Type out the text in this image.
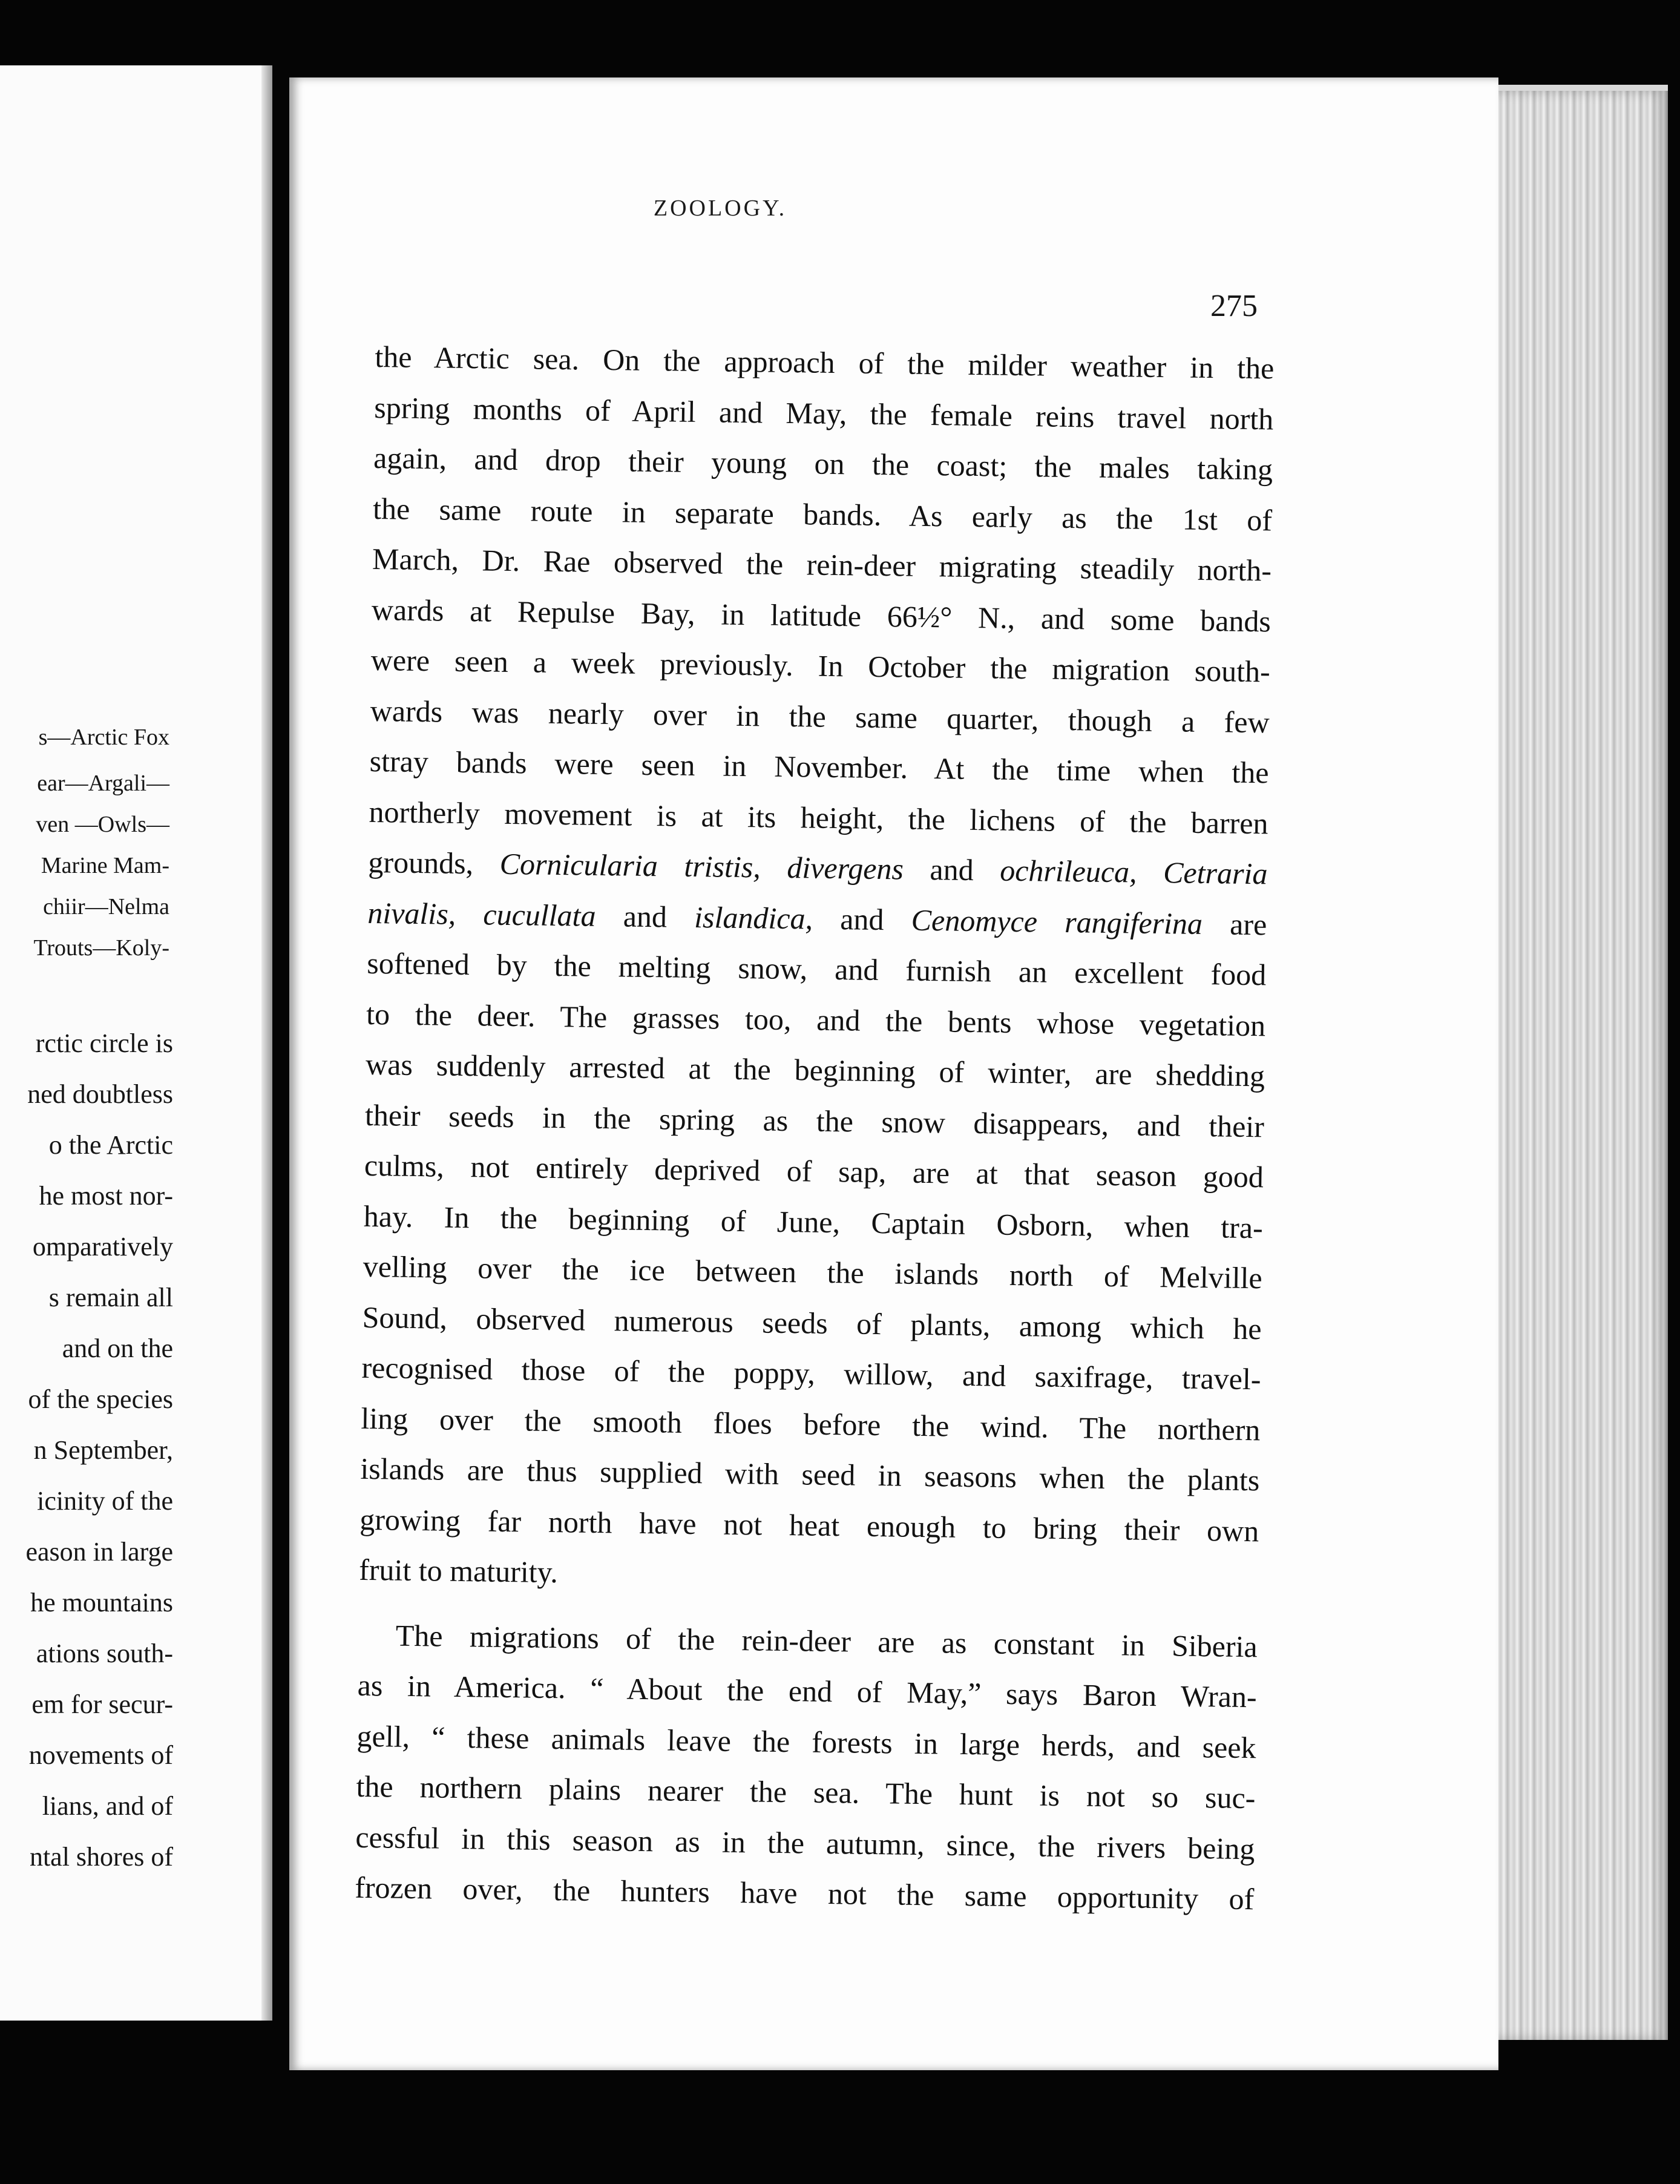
s—Arctic Fox
ear—Argali—
ven —Owls—
Marine Mam-
chiir—Nelma
Trouts—Koly-
rctic circle is
ned doubtless
o the Arctic
he most nor-
omparatively
s remain all
and on the
of the species
n September,
icinity of the
eason in large
he mountains
ations south-
em for secur-
novements of
lians, and of
ntal shores of
ZOOLOGY.
275
the Arctic sea. On the approach of the milder weather in the
spring months of April and May, the female reins travel north
again, and drop their young on the coast; the males taking
the same route in separate bands. As early as the 1st of
March, Dr. Rae observed the rein-deer migrating steadily north-
wards at Repulse Bay, in latitude 66½° N., and some bands
were seen a week previously. In October the migration south-
wards was nearly over in the same quarter, though a few
stray bands were seen in November. At the time when the
northerly movement is at its height, the lichens of the barren
grounds, Cornicularia tristis, divergens and ochrileuca, Cetraria
nivalis, cucullata and islandica, and Cenomyce rangiferina are
softened by the melting snow, and furnish an excellent food
to the deer. The grasses too, and the bents whose vegetation
was suddenly arrested at the beginning of winter, are shedding
their seeds in the spring as the snow disappears, and their
culms, not entirely deprived of sap, are at that season good
hay. In the beginning of June, Captain Osborn, when tra-
velling over the ice between the islands north of Melville
Sound, observed numerous seeds of plants, among which he
recognised those of the poppy, willow, and saxifrage, travel-
ling over the smooth floes before the wind. The northern
islands are thus supplied with seed in seasons when the plants
growing far north have not heat enough to bring their own
fruit to maturity.
The migrations of the rein-deer are as constant in Siberia
as in America. “ About the end of May,” says Baron Wran-
gell, “ these animals leave the forests in large herds, and seek
the northern plains nearer the sea. The hunt is not so suc-
cessful in this season as in the autumn, since, the rivers being
frozen over, the hunters have not the same opportunity of
